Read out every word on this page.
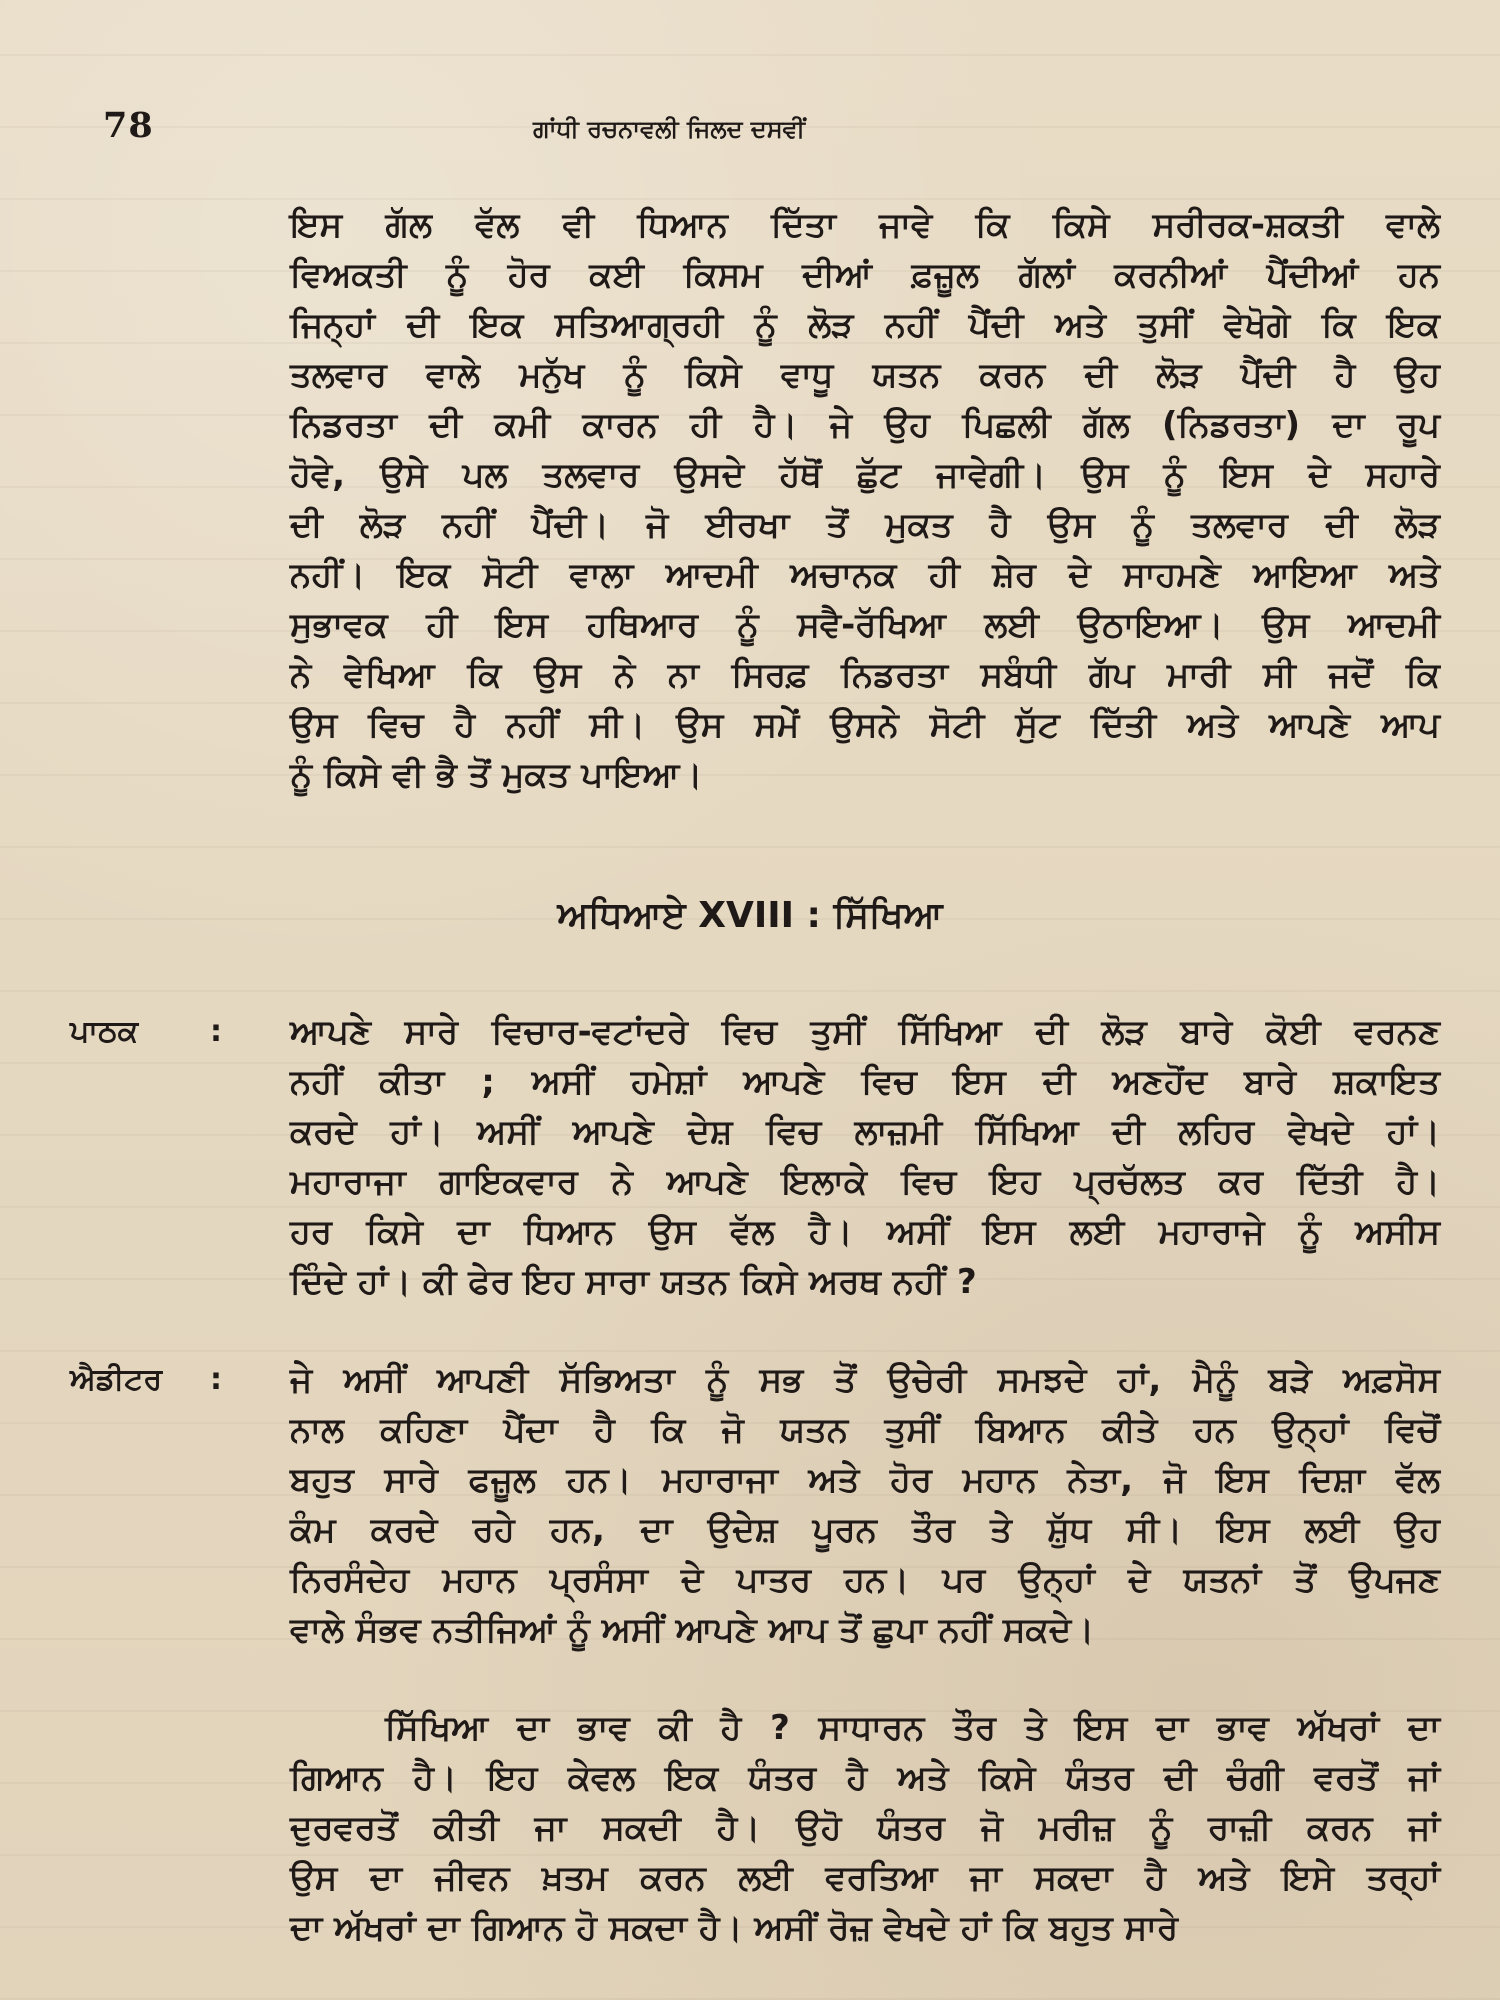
78	ਗਾਂਧੀ ਰਚਨਾਵਲੀ ਜਿਲਦ ਦਸਵੀਂ
ਇਸ ਗੱਲ ਵੱਲ ਵੀ ਧਿਆਨ ਦਿੱਤਾ ਜਾਵੇ ਕਿ ਕਿਸੇ ਸਰੀਰਕ-ਸ਼ਕਤੀ ਵਾਲੇ
ਵਿਅਕਤੀ ਨੂੰ ਹੋਰ ਕਈ ਕਿਸਮ ਦੀਆਂ ਫ਼ਜ਼ੂਲ ਗੱਲਾਂ ਕਰਨੀਆਂ ਪੈਂਦੀਆਂ ਹਨ
ਜਿਨ੍ਹਾਂ ਦੀ ਇਕ ਸਤਿਆਗ੍ਰਹੀ ਨੂੰ ਲੋੜ ਨਹੀਂ ਪੈਂਦੀ ਅਤੇ ਤੁਸੀਂ ਵੇਖੋਗੇ ਕਿ ਇਕ
ਤਲਵਾਰ ਵਾਲੇ ਮਨੁੱਖ ਨੂੰ ਕਿਸੇ ਵਾਧੂ ਯਤਨ ਕਰਨ ਦੀ ਲੋੜ ਪੈਂਦੀ ਹੈ ਉਹ
ਨਿਡਰਤਾ ਦੀ ਕਮੀ ਕਾਰਨ ਹੀ ਹੈ। ਜੇ ਉਹ ਪਿਛਲੀ ਗੱਲ (ਨਿਡਰਤਾ) ਦਾ ਰੂਪ
ਹੋਵੇ, ਉਸੇ ਪਲ ਤਲਵਾਰ ਉਸਦੇ ਹੱਥੋਂ ਛੁੱਟ ਜਾਵੇਗੀ। ਉਸ ਨੂੰ ਇਸ ਦੇ ਸਹਾਰੇ
ਦੀ ਲੋੜ ਨਹੀਂ ਪੈਂਦੀ। ਜੋ ਈਰਖਾ ਤੋਂ ਮੁਕਤ ਹੈ ਉਸ ਨੂੰ ਤਲਵਾਰ ਦੀ ਲੋੜ
ਨਹੀਂ। ਇਕ ਸੋਟੀ ਵਾਲਾ ਆਦਮੀ ਅਚਾਨਕ ਹੀ ਸ਼ੇਰ ਦੇ ਸਾਹਮਣੇ ਆਇਆ ਅਤੇ
ਸੁਭਾਵਕ ਹੀ ਇਸ ਹਥਿਆਰ ਨੂੰ ਸਵੈ-ਰੱਖਿਆ ਲਈ ਉਠਾਇਆ। ਉਸ ਆਦਮੀ
ਨੇ ਵੇਖਿਆ ਕਿ ਉਸ ਨੇ ਨਾ ਸਿਰਫ਼ ਨਿਡਰਤਾ ਸਬੰਧੀ ਗੱਪ ਮਾਰੀ ਸੀ ਜਦੋਂ ਕਿ
ਉਸ ਵਿਚ ਹੈ ਨਹੀਂ ਸੀ। ਉਸ ਸਮੇਂ ਉਸਨੇ ਸੋਟੀ ਸੁੱਟ ਦਿੱਤੀ ਅਤੇ ਆਪਣੇ ਆਪ
ਨੂੰ ਕਿਸੇ ਵੀ ਭੈ ਤੋਂ ਮੁਕਤ ਪਾਇਆ।
ਅਧਿਆਏ XVIII : ਸਿੱਖਿਆ
ਪਾਠਕ	: ਆਪਣੇ ਸਾਰੇ ਵਿਚਾਰ-ਵਟਾਂਦਰੇ ਵਿਚ ਤੁਸੀਂ ਸਿੱਖਿਆ ਦੀ ਲੋੜ ਬਾਰੇ ਕੋਈ ਵਰਨਣ
ਨਹੀਂ ਕੀਤਾ ; ਅਸੀਂ ਹਮੇਸ਼ਾਂ ਆਪਣੇ ਵਿਚ ਇਸ ਦੀ ਅਣਹੋਂਦ ਬਾਰੇ ਸ਼ਕਾਇਤ
ਕਰਦੇ ਹਾਂ। ਅਸੀਂ ਆਪਣੇ ਦੇਸ਼ ਵਿਚ ਲਾਜ਼ਮੀ ਸਿੱਖਿਆ ਦੀ ਲਹਿਰ ਵੇਖਦੇ ਹਾਂ।
ਮਹਾਰਾਜਾ ਗਾਇਕਵਾਰ ਨੇ ਆਪਣੇ ਇਲਾਕੇ ਵਿਚ ਇਹ ਪ੍ਰਚੱਲਤ ਕਰ ਦਿੱਤੀ ਹੈ।
ਹਰ ਕਿਸੇ ਦਾ ਧਿਆਨ ਉਸ ਵੱਲ ਹੈ। ਅਸੀਂ ਇਸ ਲਈ ਮਹਾਰਾਜੇ ਨੂੰ ਅਸੀਸ
ਦਿੰਦੇ ਹਾਂ। ਕੀ ਫੇਰ ਇਹ ਸਾਰਾ ਯਤਨ ਕਿਸੇ ਅਰਥ ਨਹੀਂ ?
ਐਡੀਟਰ	: ਜੇ ਅਸੀਂ ਆਪਣੀ ਸੱਭਿਅਤਾ ਨੂੰ ਸਭ ਤੋਂ ਉਚੇਰੀ ਸਮਝਦੇ ਹਾਂ, ਮੈਨੂੰ ਬੜੇ ਅਫ਼ਸੋਸ
ਨਾਲ ਕਹਿਣਾ ਪੈਂਦਾ ਹੈ ਕਿ ਜੋ ਯਤਨ ਤੁਸੀਂ ਬਿਆਨ ਕੀਤੇ ਹਨ ਉਨ੍ਹਾਂ ਵਿਚੋਂ
ਬਹੁਤ ਸਾਰੇ ਫਜ਼ੂਲ ਹਨ। ਮਹਾਰਾਜਾ ਅਤੇ ਹੋਰ ਮਹਾਨ ਨੇਤਾ, ਜੋ ਇਸ ਦਿਸ਼ਾ ਵੱਲ
ਕੰਮ ਕਰਦੇ ਰਹੇ ਹਨ, ਦਾ ਉਦੇਸ਼ ਪੂਰਨ ਤੌਰ ਤੇ ਸ਼ੁੱਧ ਸੀ। ਇਸ ਲਈ ਉਹ
ਨਿਰਸੰਦੇਹ ਮਹਾਨ ਪ੍ਰਸੰਸਾ ਦੇ ਪਾਤਰ ਹਨ। ਪਰ ਉਨ੍ਹਾਂ ਦੇ ਯਤਨਾਂ ਤੋਂ ਉਪਜਣ
ਵਾਲੇ ਸੰਭਵ ਨਤੀਜਿਆਂ ਨੂੰ ਅਸੀਂ ਆਪਣੇ ਆਪ ਤੋਂ ਛੁਪਾ ਨਹੀਂ ਸਕਦੇ।
ਸਿੱਖਿਆ ਦਾ ਭਾਵ ਕੀ ਹੈ ? ਸਾਧਾਰਨ ਤੌਰ ਤੇ ਇਸ ਦਾ ਭਾਵ ਅੱਖਰਾਂ ਦਾ
ਗਿਆਨ ਹੈ। ਇਹ ਕੇਵਲ ਇਕ ਯੰਤਰ ਹੈ ਅਤੇ ਕਿਸੇ ਯੰਤਰ ਦੀ ਚੰਗੀ ਵਰਤੋਂ ਜਾਂ
ਦੁਰਵਰਤੋਂ ਕੀਤੀ ਜਾ ਸਕਦੀ ਹੈ। ਉਹੋ ਯੰਤਰ ਜੋ ਮਰੀਜ਼ ਨੂੰ ਰਾਜ਼ੀ ਕਰਨ ਜਾਂ
ਉਸ ਦਾ ਜੀਵਨ ਖ਼ਤਮ ਕਰਨ ਲਈ ਵਰਤਿਆ ਜਾ ਸਕਦਾ ਹੈ ਅਤੇ ਇਸੇ ਤਰ੍ਹਾਂ
ਦਾ ਅੱਖਰਾਂ ਦਾ ਗਿਆਨ ਹੋ ਸਕਦਾ ਹੈ। ਅਸੀਂ ਰੋਜ਼ ਵੇਖਦੇ ਹਾਂ ਕਿ ਬਹੁਤ ਸਾਰੇ
